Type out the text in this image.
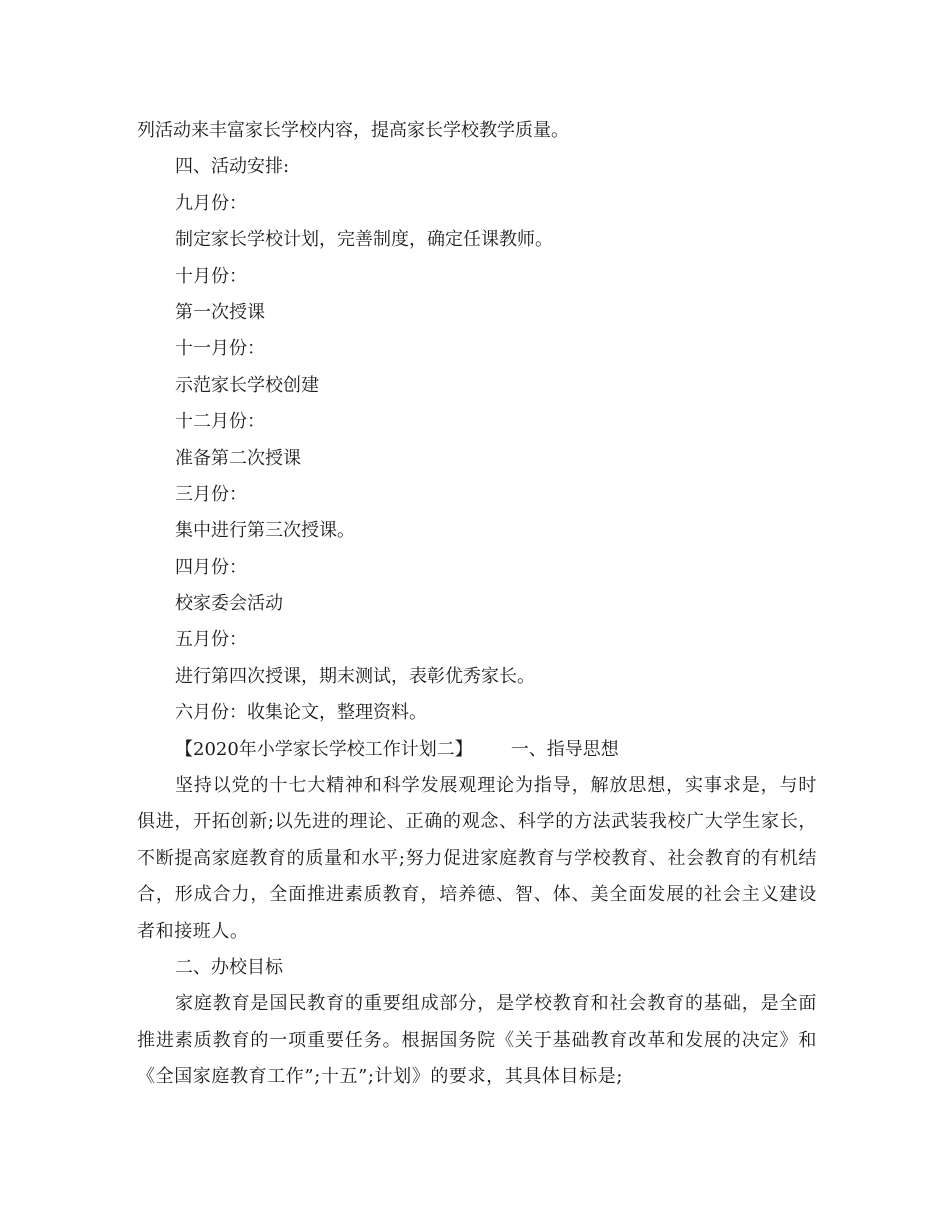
列活动来丰富家长学校内容，提高家长学校教学质量。
四、活动安排:
九月份：
制定家长学校计划，完善制度，确定任课教师。
十月份：
第一次授课
十一月份：
示范家长学校创建
十二月份：
准备第二次授课
三月份：
集中进行第三次授课。
四月份：
校家委会活动
五月份：
进行第四次授课，期末测试，表彰优秀家长。
六月份：收集论文，整理资料。
【2020年小学家长学校工作计划二】 一、指导思想
坚持以党的十七大精神和科学发展观理论为指导，解放思想，实事求是，与时俱进，开拓创新;以先进的理论、正确的观念、科学的方法武装我校广大学生家长，不断提高家庭教育的质量和水平;努力促进家庭教育与学校教育、社会教育的有机结合，形成合力，全面推进素质教育，培养德、智、体、美全面发展的社会主义建设者和接班人。
二、办校目标
家庭教育是国民教育的重要组成部分，是学校教育和社会教育的基础，是全面推进素质教育的一项重要任务。根据国务院《关于基础教育改革和发展的决定》和《全国家庭教育工作”;十五”;计划》的要求，其具体目标是;
